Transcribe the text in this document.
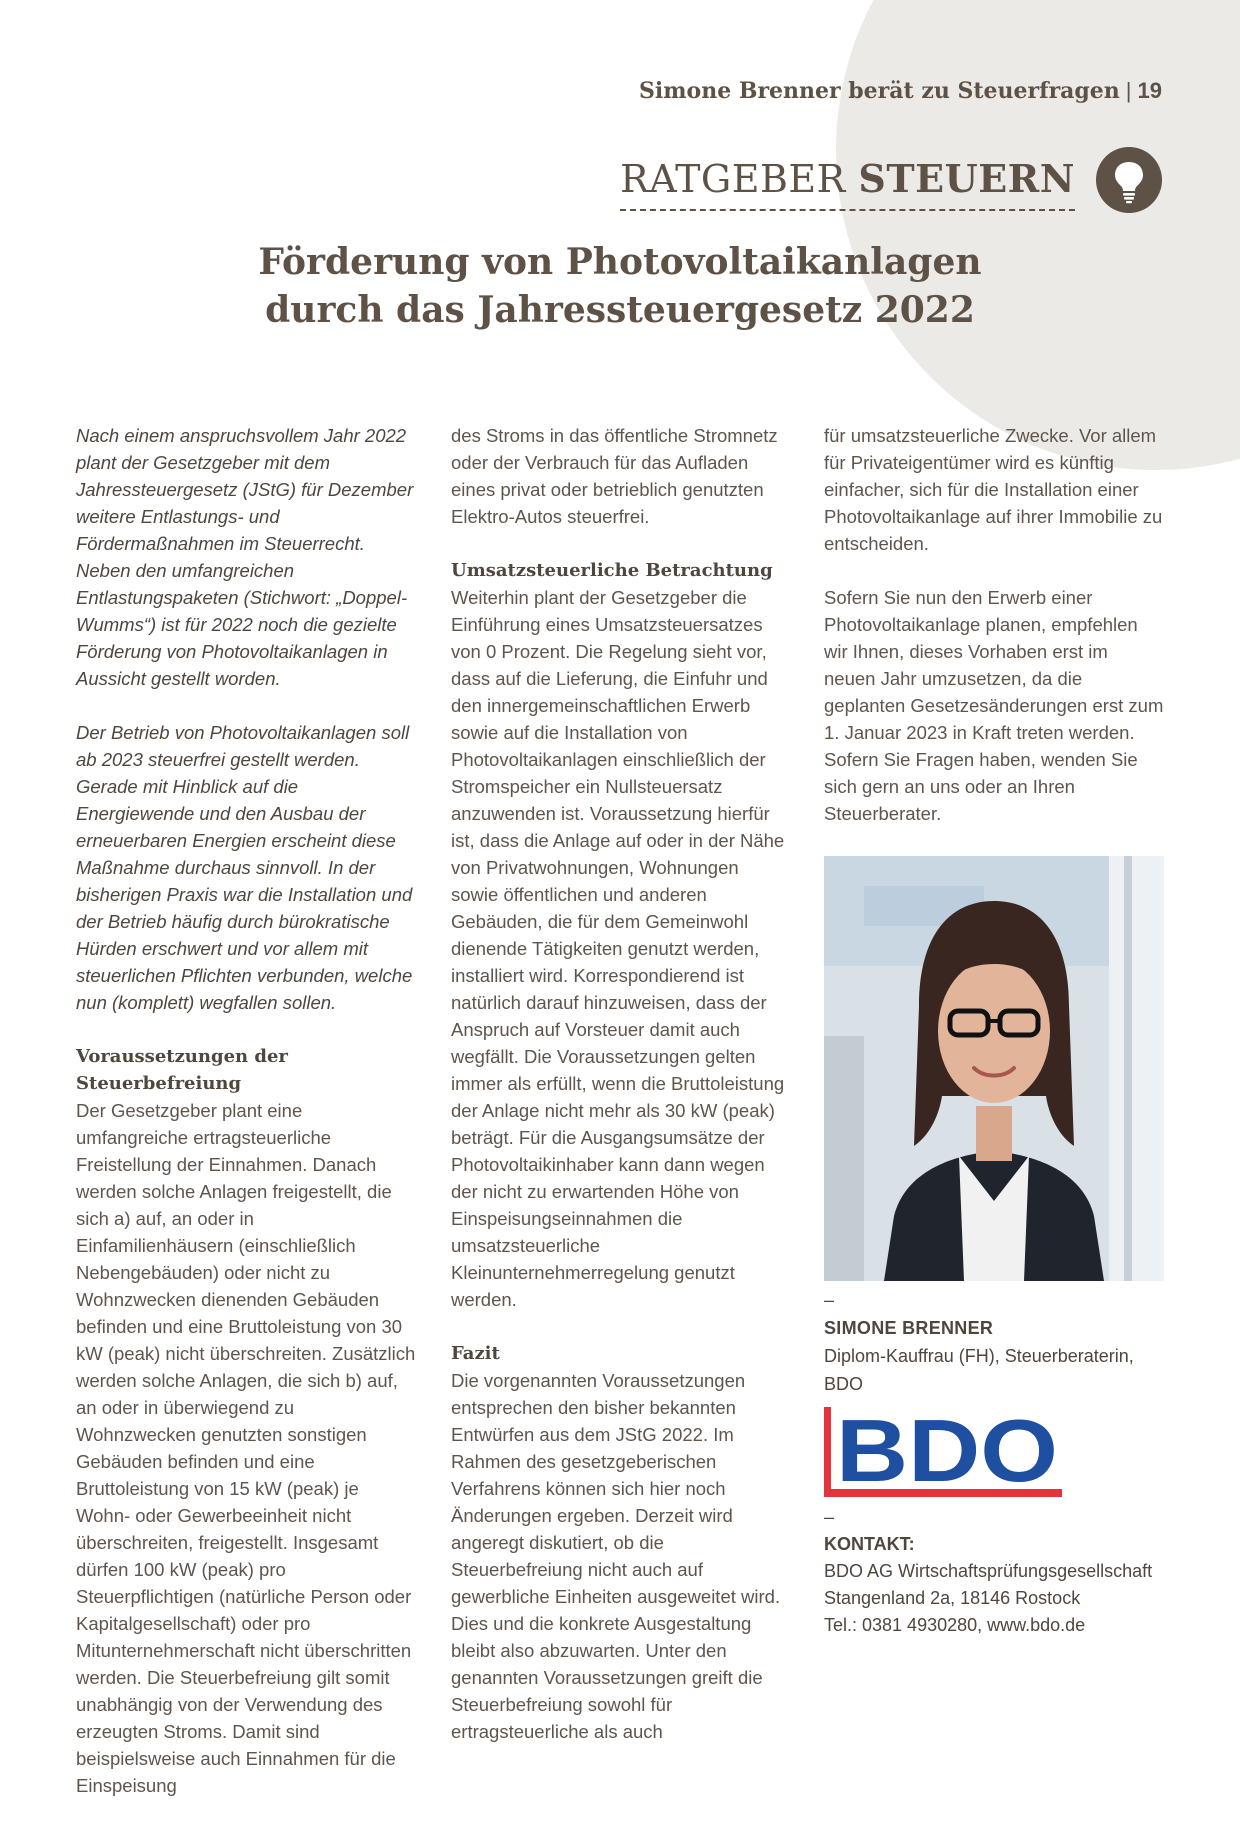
Simone Brenner berät zu Steuerfragen | 19
RATGEBER STEUERN
Förderung von Photovoltaikanlagen
durch das Jahressteuergesetz 2022

Nach einem anspruchsvollem Jahr 2022 plant der Gesetzgeber mit dem Jahressteuergesetz (JStG) für Dezember weitere Entlastungs- und Fördermaßnahmen im Steuerrecht. Neben den umfangreichen Entlastungspaketen (Stichwort: „Doppel-Wumms“) ist für 2022 noch die gezielte Förderung von Photovoltaikanlagen in Aussicht gestellt worden.

Der Betrieb von Photovoltaikanlagen soll ab 2023 steuerfrei gestellt werden. Gerade mit Hinblick auf die Energiewende und den Ausbau der erneuerbaren Energien erscheint diese Maßnahme durchaus sinnvoll. In der bisherigen Praxis war die Installation und der Betrieb häufig durch bürokratische Hürden erschwert und vor allem mit steuerlichen Pflichten verbunden, welche nun (komplett) wegfallen sollen.

Voraussetzungen der Steuerbefreiung

Der Gesetzgeber plant eine umfangreiche ertragsteuerliche Freistellung der Einnahmen. Danach werden solche Anlagen freigestellt, die sich a) auf, an oder in Einfamilienhäusern (einschließlich Nebengebäuden) oder nicht zu Wohnzwecken dienenden Gebäuden befinden und eine Bruttoleistung von 30 kW (peak) nicht überschreiten. Zusätzlich werden solche Anlagen, die sich b) auf, an oder in überwiegend zu Wohnzwecken genutzten sonstigen Gebäuden befinden und eine Bruttoleistung von 15 kW (peak) je Wohn- oder Gewerbeeinheit nicht überschreiten, freigestellt. Insgesamt dürfen 100 kW (peak) pro Steuerpflichtigen (natürliche Person oder Kapitalgesellschaft) oder pro Mitunternehmerschaft nicht überschritten werden. Die Steuerbefreiung gilt somit unabhängig von der Verwendung des erzeugten Stroms. Damit sind beispielsweise auch Einnahmen für die Einspeisung

des Stroms in das öffentliche Stromnetz oder der Verbrauch für das Aufladen eines privat oder betrieblich genutzten Elektro-Autos steuerfrei.

Umsatzsteuerliche Betrachtung

Weiterhin plant der Gesetzgeber die Einführung eines Umsatzsteuersatzes von 0 Prozent. Die Regelung sieht vor, dass auf die Lieferung, die Einfuhr und den innergemeinschaftlichen Erwerb sowie auf die Installation von Photovoltaikanlagen einschließlich der Stromspeicher ein Nullsteuersatz anzuwenden ist. Voraussetzung hierfür ist, dass die Anlage auf oder in der Nähe von Privatwohnungen, Wohnungen sowie öffentlichen und anderen Gebäuden, die für dem Gemeinwohl dienende Tätigkeiten genutzt werden, installiert wird. Korrespondierend ist natürlich darauf hinzuweisen, dass der Anspruch auf Vorsteuer damit auch wegfällt. Die Voraussetzungen gelten immer als erfüllt, wenn die Bruttoleistung der Anlage nicht mehr als 30 kW (peak) beträgt. Für die Ausgangsumsätze der Photovoltaikinhaber kann dann wegen der nicht zu erwartenden Höhe von Einspeisungseinnahmen die umsatzsteuerliche Kleinunternehmerregelung genutzt werden.

Fazit

Die vorgenannten Voraussetzungen entsprechen den bisher bekannten Entwürfen aus dem JStG 2022. Im Rahmen des gesetzgeberischen Verfahrens können sich hier noch Änderungen ergeben. Derzeit wird angeregt diskutiert, ob die Steuerbefreiung nicht auch auf gewerbliche Einheiten ausgeweitet wird. Dies und die konkrete Ausgestaltung bleibt also abzuwarten. Unter den genannten Voraussetzungen greift die Steuerbefreiung sowohl für ertragsteuerliche als auch

für umsatzsteuerliche Zwecke. Vor allem für Privateigentümer wird es künftig einfacher, sich für die Installation einer Photovoltaikanlage auf ihrer Immobilie zu entscheiden.

Sofern Sie nun den Erwerb einer Photovoltaikanlage planen, empfehlen wir Ihnen, dieses Vorhaben erst im neuen Jahr umzusetzen, da die geplanten Gesetzesänderungen erst zum 1. Januar 2023 in Kraft treten werden. Sofern Sie Fragen haben, wenden Sie sich gern an uns oder an Ihren Steuerberater.

–
SIMONE BRENNER
Diplom-Kauffrau (FH), Steuerberaterin, BDO
BDO
–
KONTAKT:
BDO AG Wirtschaftsprüfungsgesellschaft
Stangenland 2a, 18146 Rostock
Tel.: 0381 4930280, www.bdo.de
